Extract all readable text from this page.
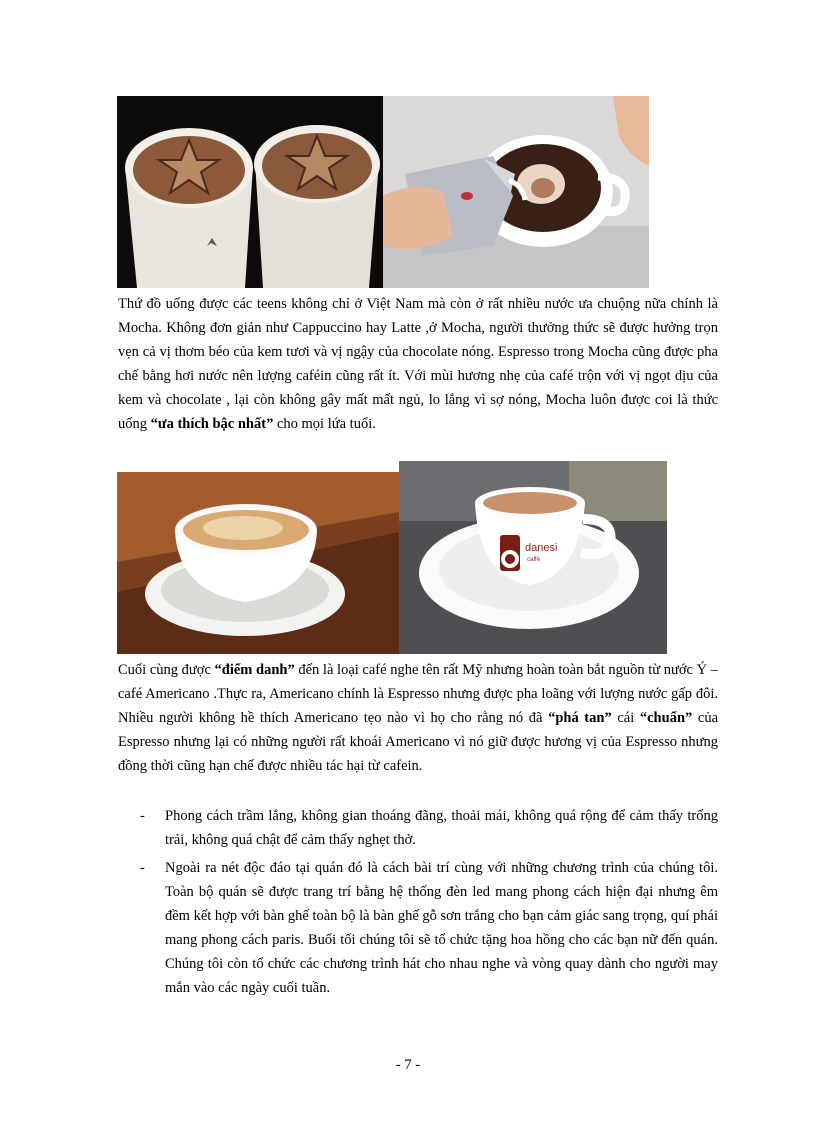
Thứ đồ uống được các teens không chỉ ở Việt Nam mà còn ở rất nhiều nước ưa chuộng nữa chính là Mocha. Không đơn giản như Cappuccino hay Latte ,ở Mocha, người thưởng thức sẽ được hưởng trọn vẹn cả vị thơm béo của kem tươi và vị ngậy của chocolate nóng. Espresso trong Mocha cũng được pha chế bằng hơi nước nên lượng caféin cũng rất ít. Với mùi hương nhẹ của café trộn với vị ngọt dịu của kem và chocolate , lại còn không gây mất mất ngủ, lo lắng vì sợ nóng, Mocha luôn được coi là thức uống “ưa thích bậc nhất” cho mọi lứa tuổi.
danesi
caffè
Cuối cùng được “điểm danh” đến là loại café nghe tên rất Mỹ nhưng hoàn toàn bắt nguồn từ nước Ý – café Americano .Thực ra, Americano chính là Espresso nhưng được pha loãng với lượng nước gấp đôi. Nhiều người không hề thích Americano tẹo nào vì họ cho rằng nó đã “phá tan” cái “chuẩn” của Espresso nhưng lại có những người rất khoái Americano vì nó giữ được hương vị của Espresso nhưng đồng thời cũng hạn chế được nhiều tác hại từ cafein.
- Phong cách trầm lắng, không gian thoáng đãng, thoải mái, không quá rộng để cảm thấy trống trải, không quá chật để cảm thấy nghẹt thở.
- Ngoài ra nét độc đáo tại quán đó là cách bài trí cùng với những chương trình của chúng tôi. Toàn bộ quán sẽ được trang trí bằng hệ thống đèn led mang phong cách hiện đại nhưng êm đềm kết hợp với bàn ghế toàn bộ là bàn ghế gỗ sơn trắng cho bạn cảm giác sang trọng, quí phái mang phong cách paris. Buổi tối chúng tôi sẽ tổ chức tặng hoa hồng cho các bạn nữ đến quán. Chúng tôi còn tổ chức các chương trình hát cho nhau nghe và vòng quay dành cho người may mắn vào các ngày cuối tuần.
- 7 -
